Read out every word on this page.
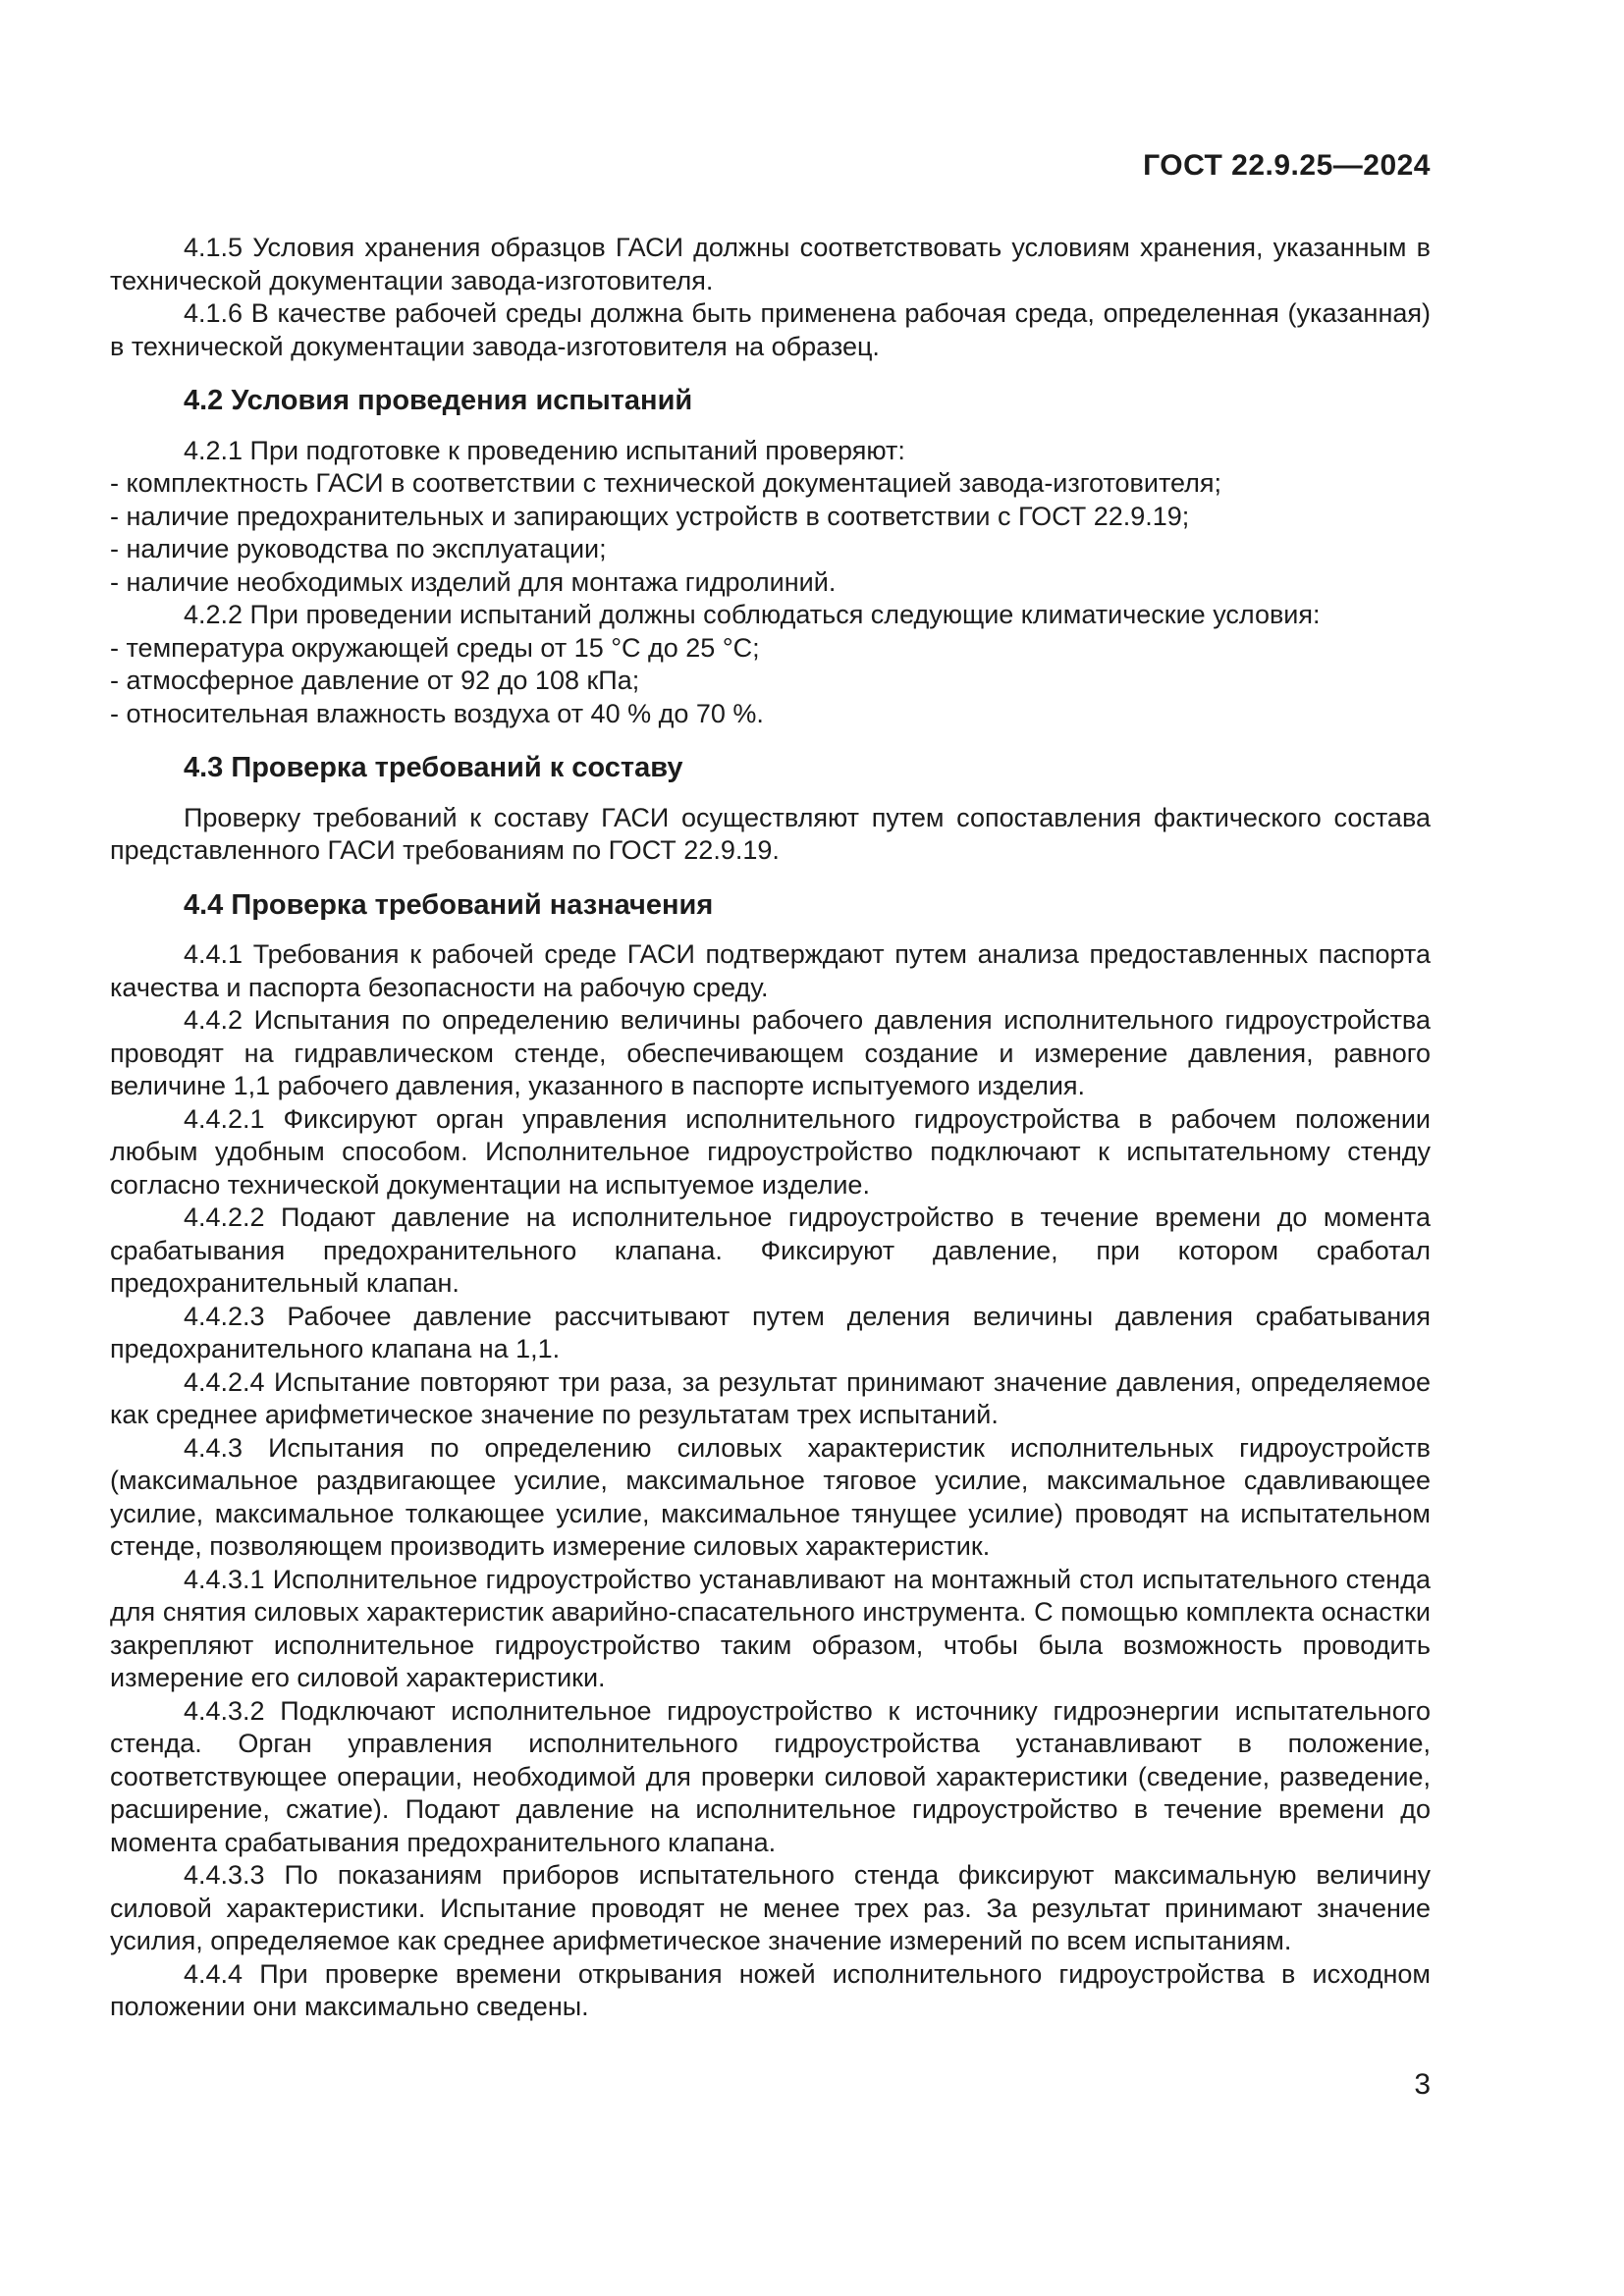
ГОСТ 22.9.25—2024

4.1.5 Условия хранения образцов ГАСИ должны соответствовать условиям хранения, указанным в технической документации завода-изготовителя.

4.1.6 В качестве рабочей среды должна быть применена рабочая среда, определенная (указанная) в технической документации завода-изготовителя на образец.

4.2 Условия проведения испытаний

4.2.1 При подготовке к проведению испытаний проверяют:

- комплектность ГАСИ в соответствии с технической документацией завода-изготовителя;

- наличие предохранительных и запирающих устройств в соответствии с ГОСТ 22.9.19;

- наличие руководства по эксплуатации;

- наличие необходимых изделий для монтажа гидролиний.

4.2.2 При проведении испытаний должны соблюдаться следующие климатические условия:

- температура окружающей среды от 15 °С до 25 °С;

- атмосферное давление от 92 до 108 кПа;

- относительная влажность воздуха от 40 % до 70 %.

4.3 Проверка требований к составу

Проверку требований к составу ГАСИ осуществляют путем сопоставления фактического состава представленного ГАСИ требованиям по ГОСТ 22.9.19.

4.4 Проверка требований назначения

4.4.1 Требования к рабочей среде ГАСИ подтверждают путем анализа предоставленных паспорта качества и паспорта безопасности на рабочую среду.

4.4.2 Испытания по определению величины рабочего давления исполнительного гидроустройства проводят на гидравлическом стенде, обеспечивающем создание и измерение давления, равного величине 1,1 рабочего давления, указанного в паспорте испытуемого изделия.

4.4.2.1 Фиксируют орган управления исполнительного гидроустройства в рабочем положении любым удобным способом. Исполнительное гидроустройство подключают к испытательному стенду согласно технической документации на испытуемое изделие.

4.4.2.2 Подают давление на исполнительное гидроустройство в течение времени до момента срабатывания предохранительного клапана. Фиксируют давление, при котором сработал предохранительный клапан.

4.4.2.3 Рабочее давление рассчитывают путем деления величины давления срабатывания предохранительного клапана на 1,1.

4.4.2.4 Испытание повторяют три раза, за результат принимают значение давления, определяемое как среднее арифметическое значение по результатам трех испытаний.

4.4.3 Испытания по определению силовых характеристик исполнительных гидроустройств (максимальное раздвигающее усилие, максимальное тяговое усилие, максимальное сдавливающее усилие, максимальное толкающее усилие, максимальное тянущее усилие) проводят на испытательном стенде, позволяющем производить измерение силовых характеристик.

4.4.3.1 Исполнительное гидроустройство устанавливают на монтажный стол испытательного стенда для снятия силовых характеристик аварийно-спасательного инструмента. С помощью комплекта оснастки закрепляют исполнительное гидроустройство таким образом, чтобы была возможность проводить измерение его силовой характеристики.

4.4.3.2 Подключают исполнительное гидроустройство к источнику гидроэнергии испытательного стенда. Орган управления исполнительного гидроустройства устанавливают в положение, соответствующее операции, необходимой для проверки силовой характеристики (сведение, разведение, расширение, сжатие). Подают давление на исполнительное гидроустройство в течение времени до момента срабатывания предохранительного клапана.

4.4.3.3 По показаниям приборов испытательного стенда фиксируют максимальную величину силовой характеристики. Испытание проводят не менее трех раз. За результат принимают значение усилия, определяемое как среднее арифметическое значение измерений по всем испытаниям.

4.4.4 При проверке времени открывания ножей исполнительного гидроустройства в исходном положении они максимально сведены.

3
